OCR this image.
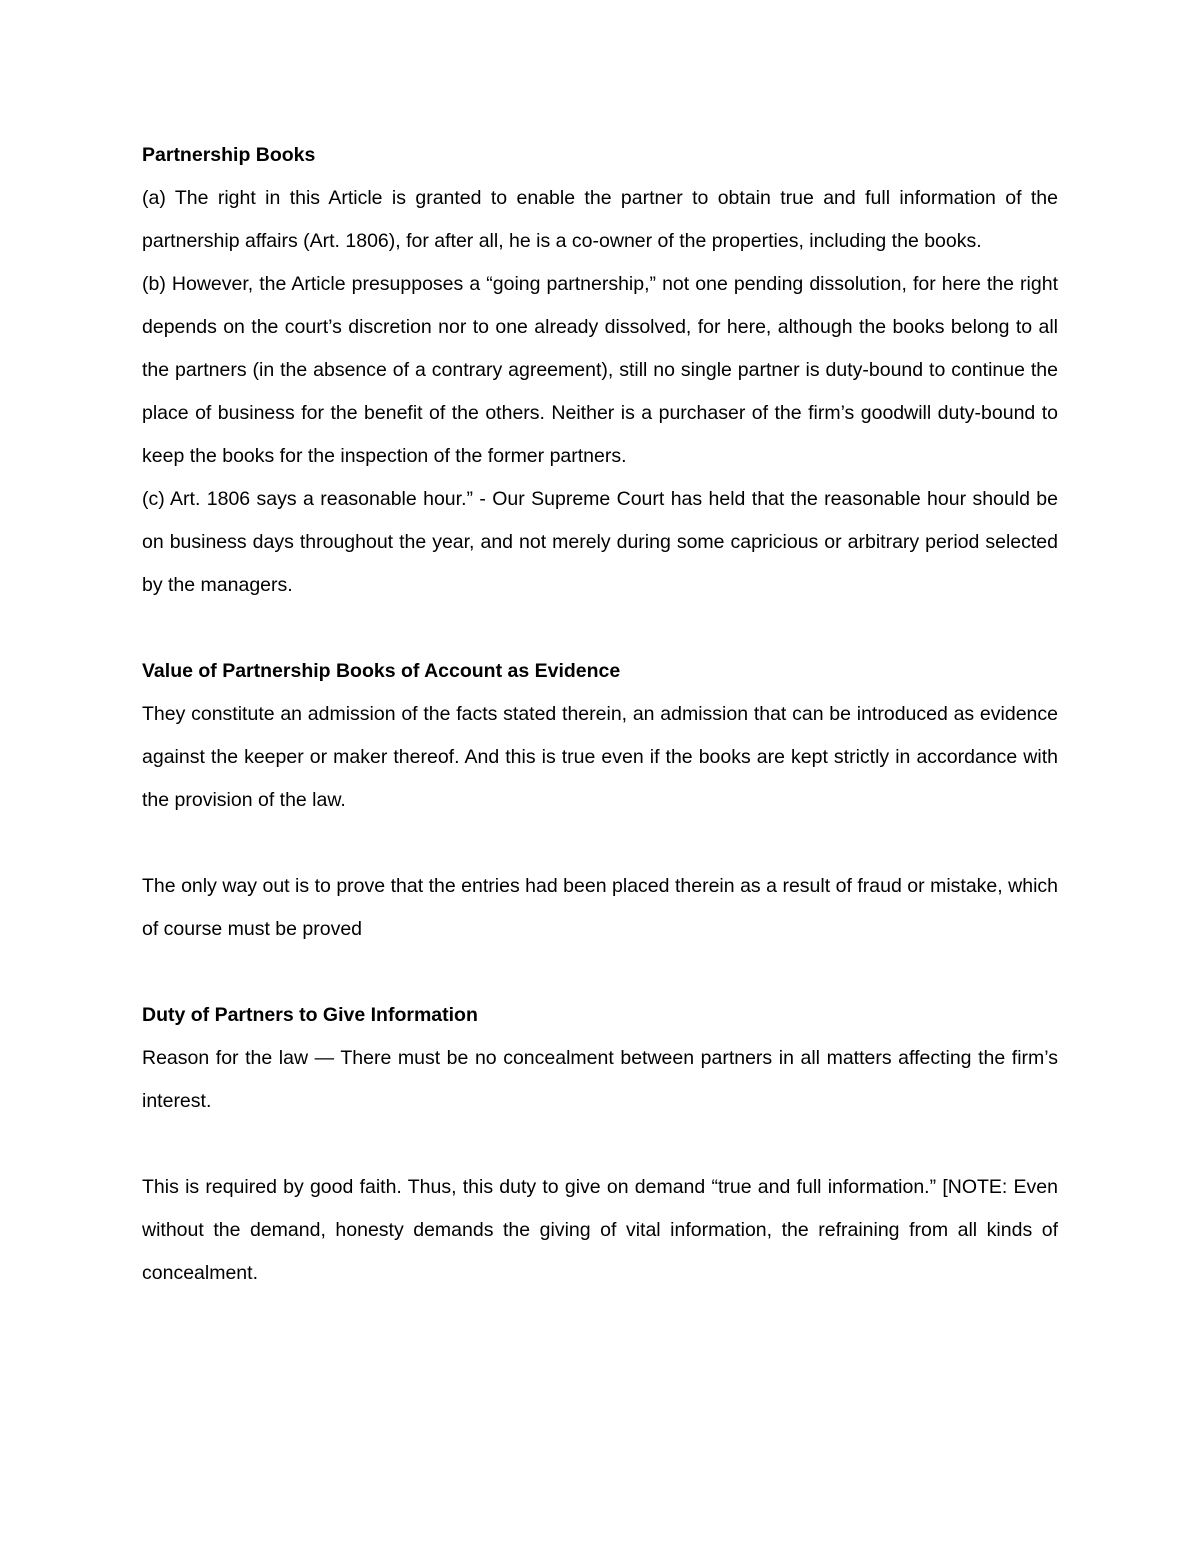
Partnership Books

(a) The right in this Article is granted to enable the partner to obtain true and full information of the partnership affairs (Art. 1806), for after all, he is a co-owner of the properties, including the books.

(b) However, the Article presupposes a “going partnership,” not one pending dissolution, for here the right depends on the court’s discretion nor to one already dissolved, for here, although the books belong to all the partners (in the absence of a contrary agreement), still no single partner is duty-bound to continue the place of business for the benefit of the others. Neither is a purchaser of the firm’s goodwill duty-bound to keep the books for the inspection of the former partners.

(c) Art. 1806 says a reasonable hour.” - Our Supreme Court has held that the reasonable hour should be on business days throughout the year, and not merely during some capricious or arbitrary period selected by the managers.

Value of Partnership Books of Account as Evidence

They constitute an admission of the facts stated therein, an admission that can be introduced as evidence against the keeper or maker thereof. And this is true even if the books are kept strictly in accordance with the provision of the law.

The only way out is to prove that the entries had been placed therein as a result of fraud or mistake, which of course must be proved

Duty of Partners to Give Information

Reason for the law — There must be no concealment between partners in all matters affecting the firm’s interest.

This is required by good faith. Thus, this duty to give on demand “true and full information.” [NOTE: Even without the demand, honesty demands the giving of vital information, the refraining from all kinds of concealment.
